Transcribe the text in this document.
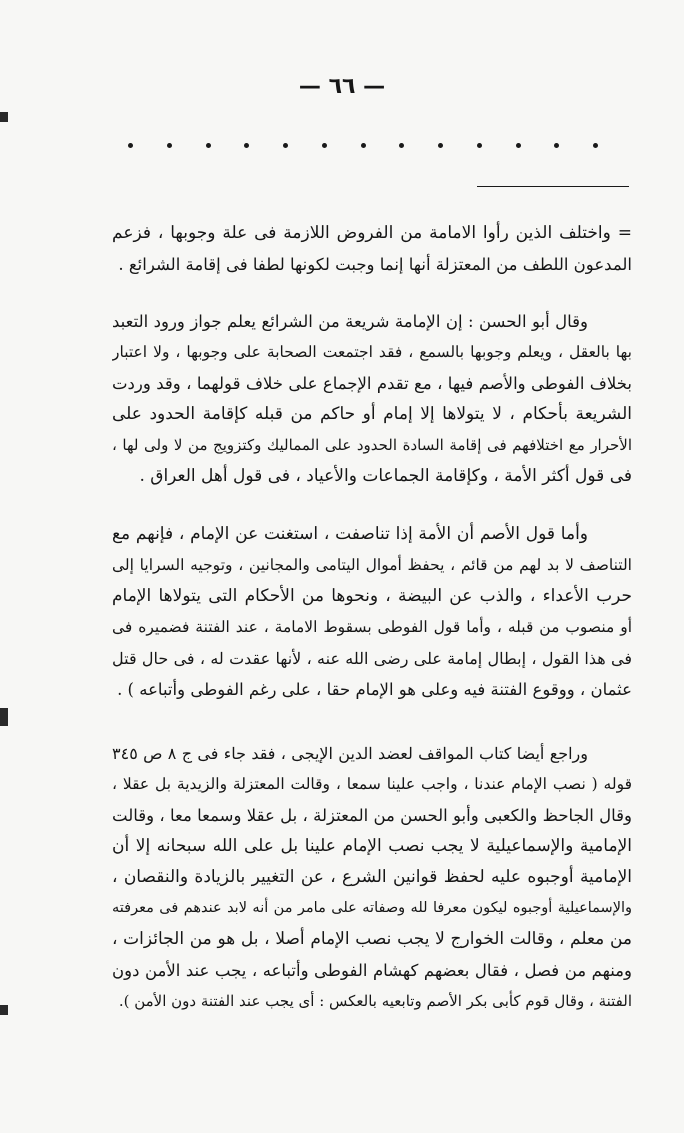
— ٦٦ —
= واختلف الذين رأوا الامامة من الفروض اللازمة فى علة وجوبها ، فزعم
المدعون اللطف من المعتزلة أنها إنما وجبت لكونها لطفا فى إقامة الشرائع .
وقال أبو الحسن : إن الإمامة شريعة من الشرائع يعلم جواز ورود التعبد
بها بالعقل ، ويعلم وجوبها بالسمع ، فقد اجتمعت الصحابة على وجوبها ، ولا اعتبار
بخلاف الفوطى والأصم فيها ، مع تقدم الإجماع على خلاف قولهما ، وقد وردت
الشريعة بأحكام ، لا يتولاها إلا إمام أو حاكم من قبله كإقامة الحدود على
الأحرار مع اختلافهم فى إقامة السادة الحدود على المماليك وكتزويج من لا ولى لها ،
فى قول أكثر الأمة ، وكإقامة الجماعات والأعياد ، فى قول أهل العراق .
وأما قول الأصم أن الأمة إذا تناصفت ، استغنت عن الإمام ، فإنهم مع
التناصف لا بد لهم من قائم ، يحفظ أموال اليتامى والمجانين ، وتوجيه السرايا إلى
حرب الأعداء ، والذب عن البيضة ، ونحوها من الأحكام التى يتولاها الإمام
أو منصوب من قبله ، وأما قول الفوطى بسقوط الامامة ، عند الفتنة فضميره فى
فى هذا القول ، إبطال إمامة على رضى الله عنه ، لأنها عقدت له ، فى حال قتل
عثمان ، ووقوع الفتنة فيه وعلى هو الإمام حقا ، على رغم الفوطى وأتباعه ) .
وراجع أيضا كتاب المواقف لعضد الدين الإيجى ، فقد جاء فى ج ٨ ص ٣٤٥
قوله ( نصب الإمام عندنا ، واجب علينا سمعا ، وقالت المعتزلة والزيدية بل عقلا ،
وقال الجاحظ والكعبى وأبو الحسن من المعتزلة ، بل عقلا وسمعا معا ، وقالت
الإمامية والإسماعيلية لا يجب نصب الإمام علينا بل على الله سبحانه إلا أن
الإمامية أوجبوه عليه لحفظ قوانين الشرع ، عن التغيير بالزيادة والنقصان ،
والإسماعيلية أوجبوه ليكون معرفا لله وصفاته على مامر من أنه لابد عندهم فى معرفته
من معلم ، وقالت الخوارج لا يجب نصب الإمام أصلا ، بل هو من الجائزات ،
ومنهم من فصل ، فقال بعضهم كهشام الفوطى وأتباعه ، يجب عند الأمن دون
الفتنة ، وقال قوم كأبى بكر الأصم وتابعيه بالعكس : أى يجب عند الفتنة دون الأمن ).
